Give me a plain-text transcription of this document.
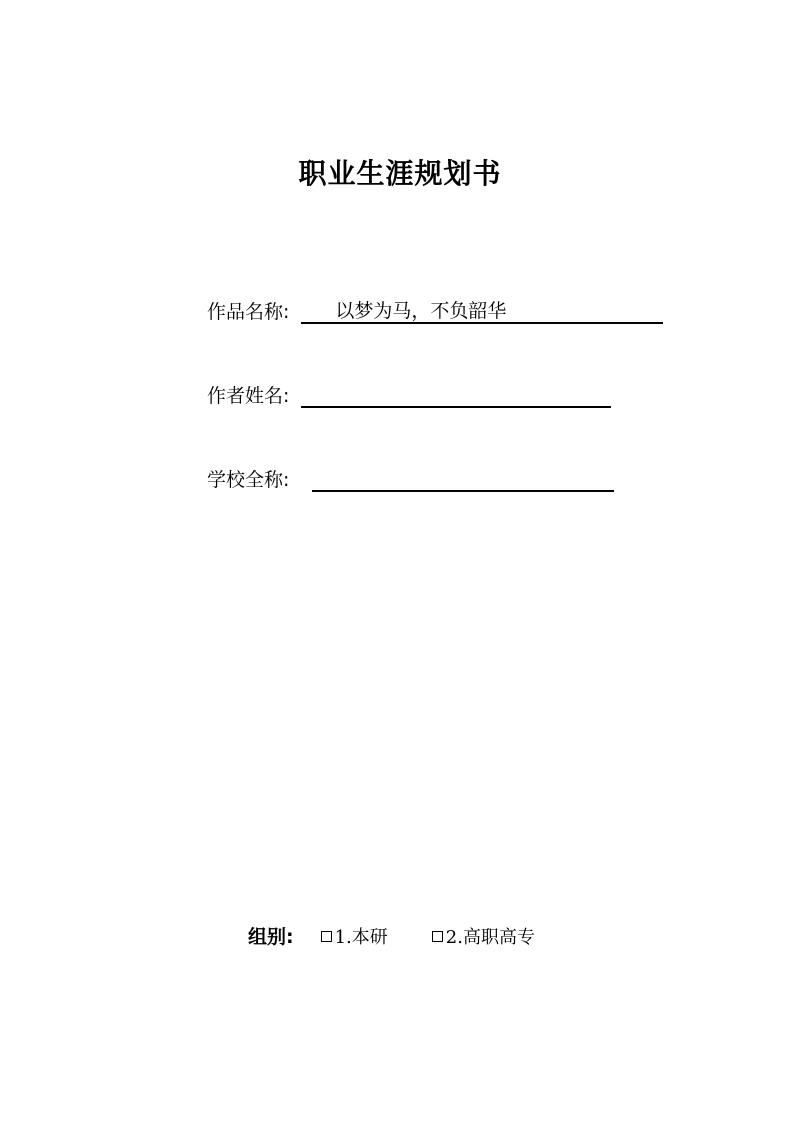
职业生涯规划书
作品名称:	以梦为马，不负韶华
作者姓名:
学校全称:
组别: 1.本研	2.高职高专
